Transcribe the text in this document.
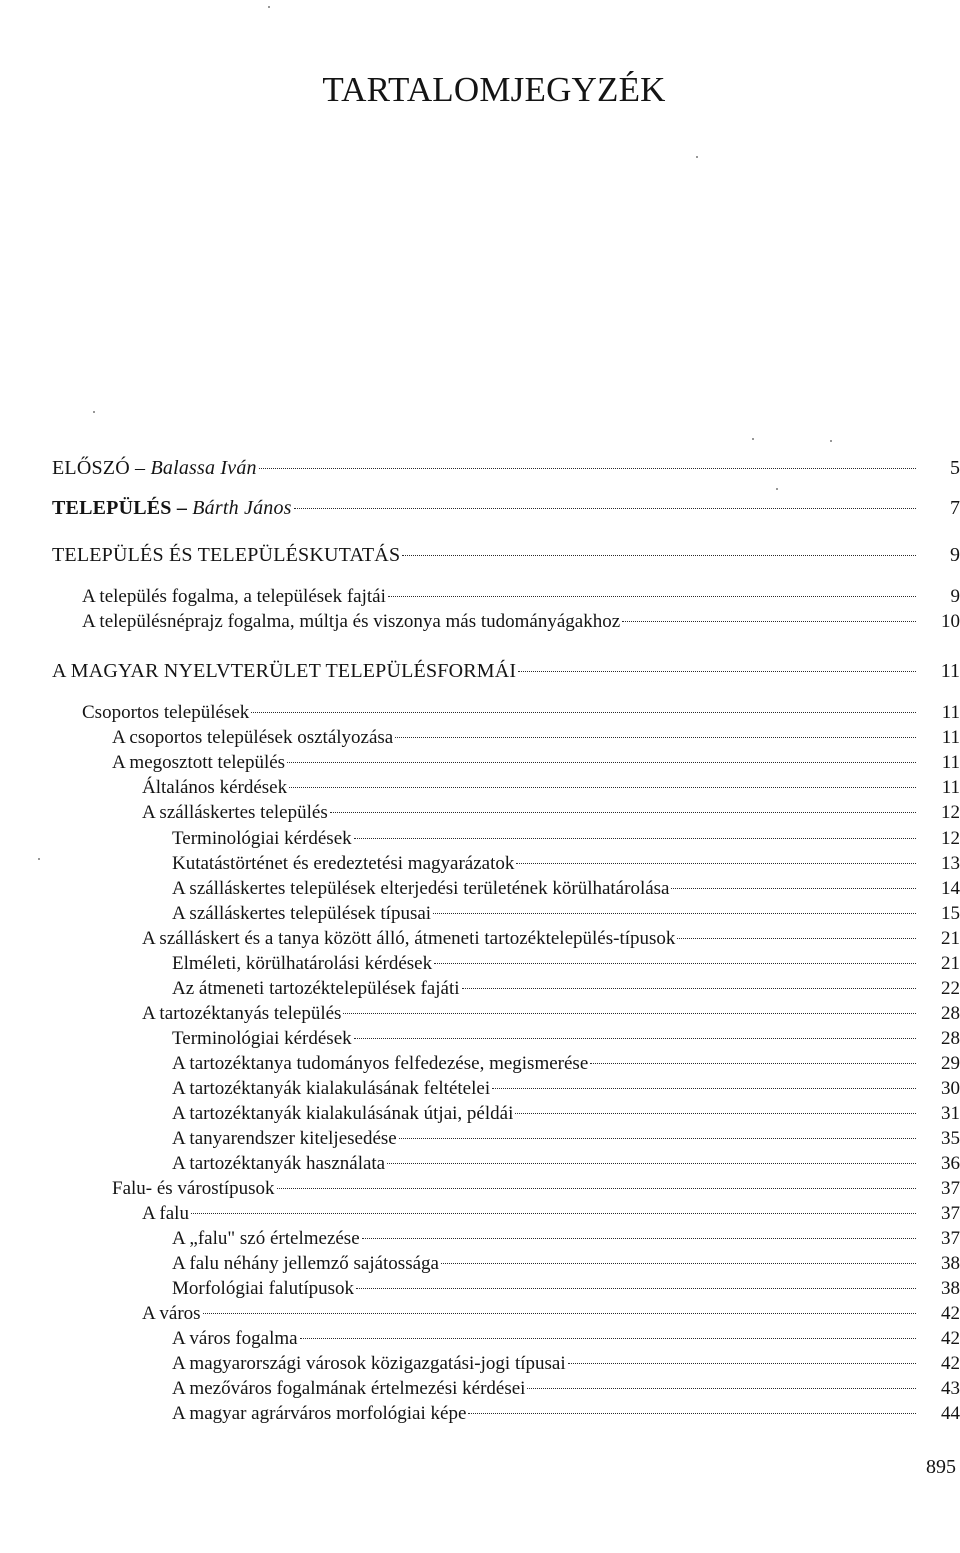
TARTALOMJEGYZÉK
ELŐSZÓ – Balassa Iván	5
TELEPÜLÉS – Bárth János	7
TELEPÜLÉS ÉS TELEPÜLÉSKUTATÁS	9
A település fogalma, a települések fajtái	9
A településnéprajz fogalma, múltja és viszonya más tudományágakhoz	10
A MAGYAR NYELVTERÜLET TELEPÜLÉSFORMÁI	11
Csoportos települések	11
A csoportos települések osztályozása	11
A megosztott település	11
Általános kérdések	11
A szálláskertes település	12
Terminológiai kérdések	12
Kutatástörténet és eredeztetési magyarázatok	13
A szálláskertes települések elterjedési területének körülhatárolása	14
A szálláskertes települések típusai	15
A szálláskert és a tanya között álló, átmeneti tartozéktelepülés-típusok	21
Elméleti, körülhatárolási kérdések	21
Az átmeneti tartozéktelepülések fajáti	22
A tartozéktanyás település	28
Terminológiai kérdések	28
A tartozéktanya tudományos felfedezése, megismerése	29
A tartozéktanyák kialakulásának feltételei	30
A tartozéktanyák kialakulásának útjai, példái	31
A tanyarendszer kiteljesedése	35
A tartozéktanyák használata	36
Falu- és várostípusok	37
A falu	37
A „falu" szó értelmezése	37
A falu néhány jellemző sajátossága	38
Morfológiai falutípusok	38
A város	42
A város fogalma	42
A magyarországi városok közigazgatási-jogi típusai	42
A mezőváros fogalmának értelmezési kérdései	43
A magyar agrárváros morfológiai képe	44
895
